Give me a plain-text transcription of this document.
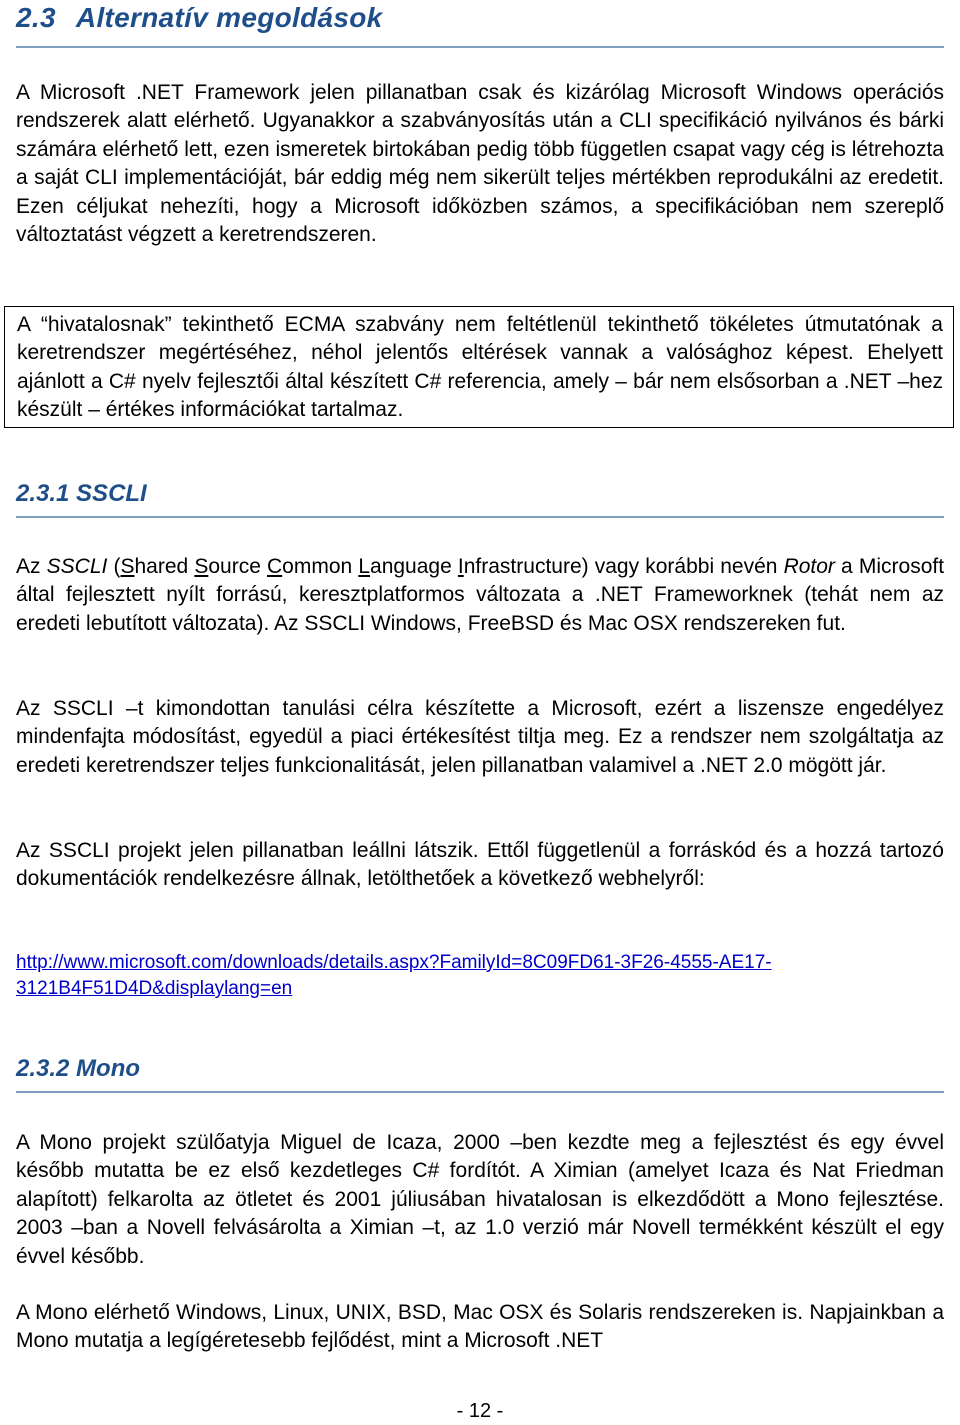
2.3 Alternatív megoldások

A Microsoft .NET Framework jelen pillanatban csak és kizárólag Microsoft Windows operációs rendszerek alatt elérhető. Ugyanakkor a szabványosítás után a CLI specifikáció nyilvános és bárki számára elérhető lett, ezen ismeretek birtokában pedig több független csapat vagy cég is létrehozta a saját CLI implementációját, bár eddig még nem sikerült teljes mértékben reprodukálni az eredetit. Ezen céljukat nehezíti, hogy a Microsoft időközben számos, a specifikációban nem szereplő változtatást végzett a keretrendszeren.

A “hivatalosnak” tekinthető ECMA szabvány nem feltétlenül tekinthető tökéletes útmutatónak a keretrendszer megértéséhez, néhol jelentős eltérések vannak a valósághoz képest. Ehelyett ajánlott a C# nyelv fejlesztői által készített C# referencia, amely – bár nem elsősorban a .NET –hez készült – értékes információkat tartalmaz.

2.3.1 SSCLI

Az SSCLI (Shared Source Common Language Infrastructure) vagy korábbi nevén Rotor a Microsoft által fejlesztett nyílt forrású, keresztplatformos változata a .NET Frameworknek (tehát nem az eredeti lebutított változata). Az SSCLI Windows, FreeBSD és Mac OSX rendszereken fut.

Az SSCLI –t kimondottan tanulási célra készítette a Microsoft, ezért a liszensze engedélyez mindenfajta módosítást, egyedül a piaci értékesítést tiltja meg. Ez a rendszer nem szolgáltatja az eredeti keretrendszer teljes funkcionalitását, jelen pillanatban valamivel a .NET 2.0 mögött jár.

Az SSCLI projekt jelen pillanatban leállni látszik. Ettől függetlenül a forráskód és a hozzá tartozó dokumentációk rendelkezésre állnak, letölthetőek a következő webhelyről:

http://www.microsoft.com/downloads/details.aspx?FamilyId=8C09FD61-3F26-4555-AE17-
3121B4F51D4D&displaylang=en
2.3.2 Mono

A Mono projekt szülőatyja Miguel de Icaza, 2000 –ben kezdte meg a fejlesztést és egy évvel később mutatta be ez első kezdetleges C# fordítót. A Ximian (amelyet Icaza és Nat Friedman alapított) felkarolta az ötletet és 2001 júliusában hivatalosan is elkezdődött a Mono fejlesztése. 2003 –ban a Novell felvásárolta a Ximian –t, az 1.0 verzió már Novell termékként készült el egy évvel később.

A Mono elérhető Windows, Linux, UNIX, BSD, Mac OSX és Solaris rendszereken is. Napjainkban a Mono mutatja a legígéretesebb fejlődést, mint a Microsoft .NET

- 12 -
